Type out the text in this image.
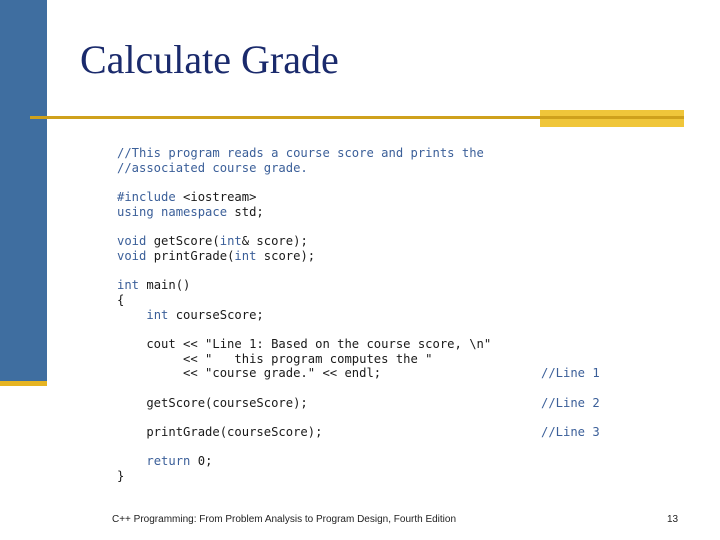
Calculate Grade
//This program reads a course score and prints the
//associated course grade.
#include <iostream>
using namespace std;
void getScore(int& score);
void printGrade(int score);
int main()
{
int courseScore;
cout << "Line 1: Based on the course score, \n"
<< "   this program computes the "
<< "course grade." << endl;	//Line 1
getScore(courseScore);	//Line 2
printGrade(courseScore);	//Line 3
return 0;
}
C++ Programming: From Problem Analysis to Program Design, Fourth Edition	13
